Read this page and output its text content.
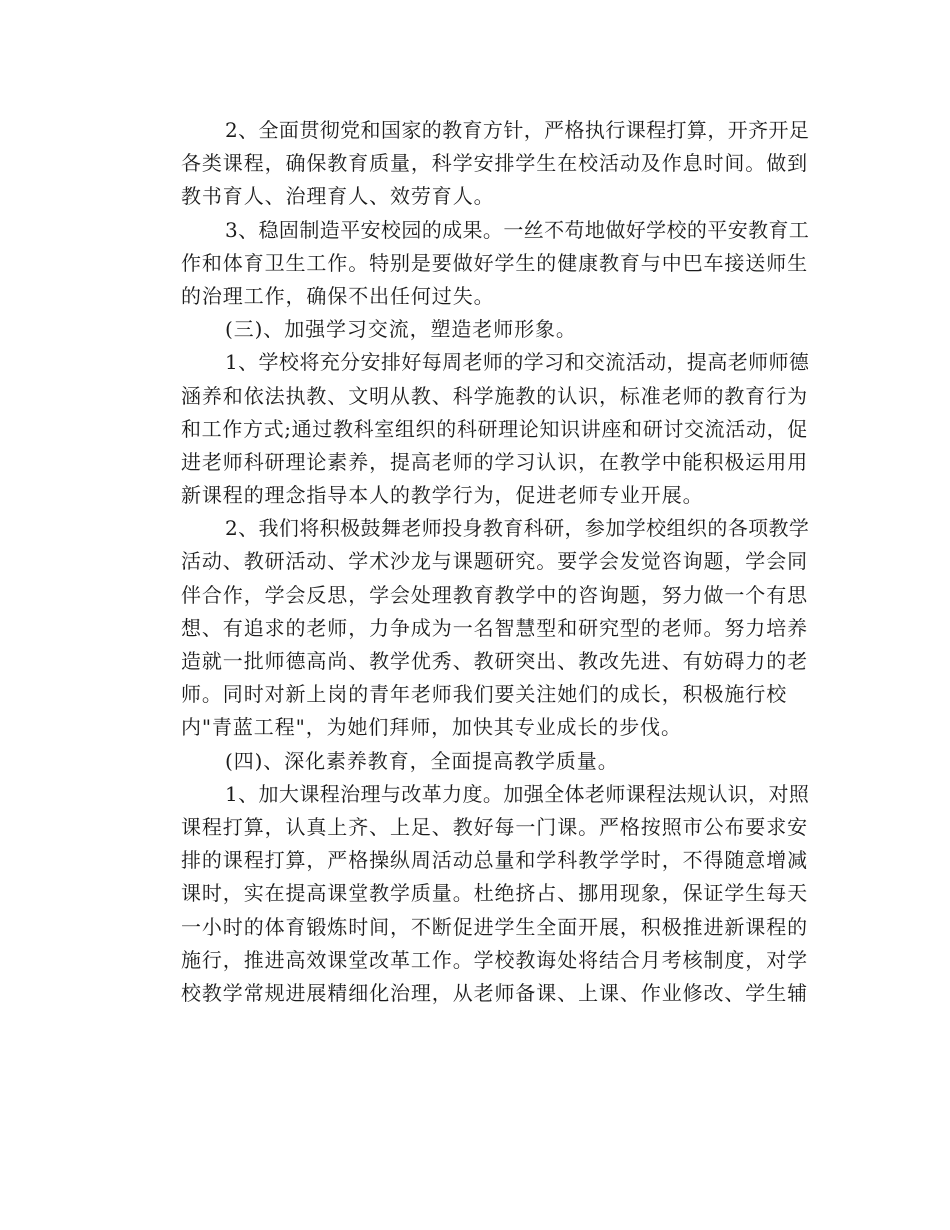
2、全面贯彻党和国家的教育方针，严格执行课程打算，开齐开足
各类课程，确保教育质量，科学安排学生在校活动及作息时间。做到
教书育人、治理育人、效劳育人。
3、稳固制造平安校园的成果。一丝不苟地做好学校的平安教育工
作和体育卫生工作。特别是要做好学生的健康教育与中巴车接送师生
的治理工作，确保不出任何过失。
(三)、加强学习交流，塑造老师形象。
1、学校将充分安排好每周老师的学习和交流活动，提高老师师德
涵养和依法执教、文明从教、科学施教的认识，标准老师的教育行为
和工作方式;通过教科室组织的科研理论知识讲座和研讨交流活动，促
进老师科研理论素养，提高老师的学习认识，在教学中能积极运用用
新课程的理念指导本人的教学行为，促进老师专业开展。
2、我们将积极鼓舞老师投身教育科研，参加学校组织的各项教学
活动、教研活动、学术沙龙与课题研究。要学会发觉咨询题，学会同
伴合作，学会反思，学会处理教育教学中的咨询题，努力做一个有思
想、有追求的老师，力争成为一名智慧型和研究型的老师。努力培养
造就一批师德高尚、教学优秀、教研突出、教改先进、有妨碍力的老
师。同时对新上岗的青年老师我们要关注她们的成长，积极施行校
内"青蓝工程"，为她们拜师，加快其专业成长的步伐。
(四)、深化素养教育，全面提高教学质量。
1、加大课程治理与改革力度。加强全体老师课程法规认识，对照
课程打算，认真上齐、上足、教好每一门课。严格按照市公布要求安
排的课程打算，严格操纵周活动总量和学科教学学时，不得随意增减
课时，实在提高课堂教学质量。杜绝挤占、挪用现象，保证学生每天
一小时的体育锻炼时间，不断促进学生全面开展，积极推进新课程的
施行，推进高效课堂改革工作。学校教诲处将结合月考核制度，对学
校教学常规进展精细化治理，从老师备课、上课、作业修改、学生辅
